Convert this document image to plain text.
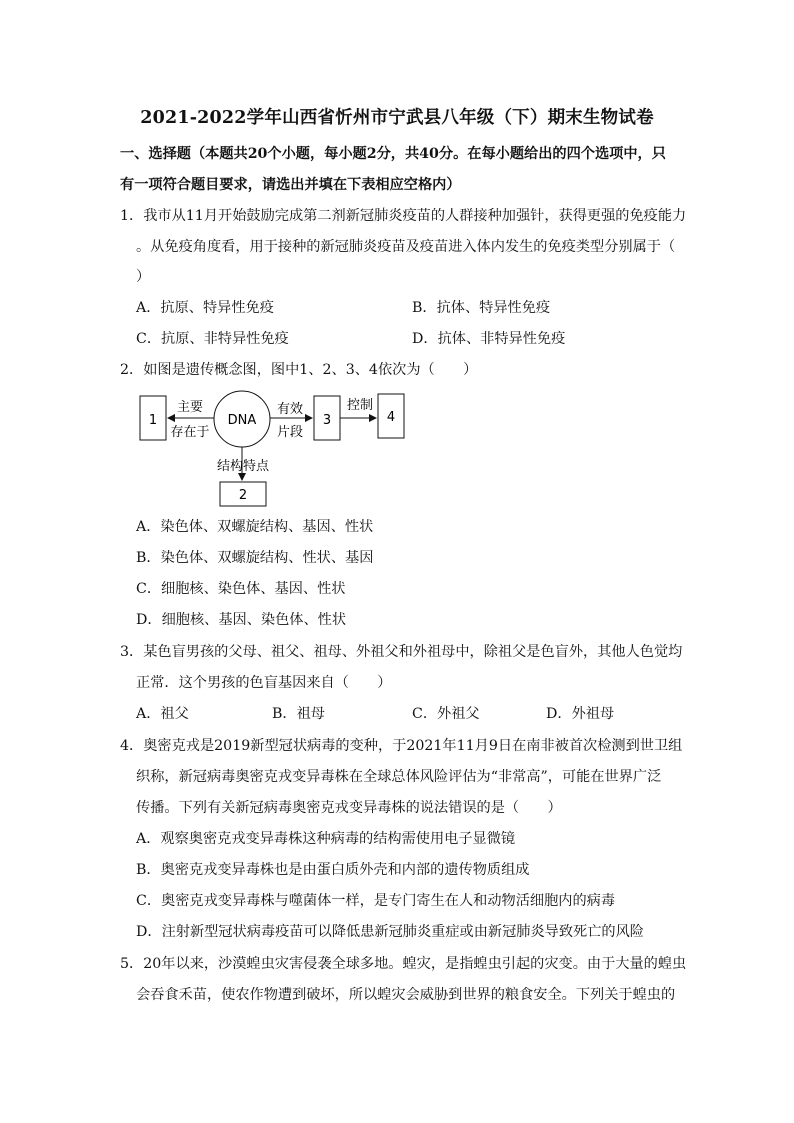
2021-2022学年山西省忻州市宁武县八年级（下）期末生物试卷
一、选择题（本题共20个小题，每小题2分，共40分。在每小题给出的四个选项中，只
有一项符合题目要求，请选出并填在下表相应空格内）
1．我市从11月开始鼓励完成第二剂新冠肺炎疫苗的人群接种加强针，获得更强的免疫能力
。从免疫角度看，用于接种的新冠肺炎疫苗及疫苗进入体内发生的免疫类型分别属于（
）
A．抗原、特异性免疫	B．抗体、特异性免疫
C．抗原、非特异性免疫	D．抗体、非特异性免疫
2．如图是遗传概念图，图中1、2、3、4依次为（　　）
1
主要
存在于
DNA
有效
片段
3
控制
4
结构特点
2
A．染色体、双螺旋结构、基因、性状
B．染色体、双螺旋结构、性状、基因
C．细胞核、染色体、基因、性状
D．细胞核、基因、染色体、性状
3．某色盲男孩的父母、祖父、祖母、外祖父和外祖母中，除祖父是色盲外，其他人色觉均
正常．这个男孩的色盲基因来自（　　）
A．祖父	B．祖母	C．外祖父	D．外祖母
4．奥密克戎是2019新型冠状病毒的变种，于2021年11月9日在南非被首次检测到世卫组
织称，新冠病毒奥密克戎变异毒株在全球总体风险评估为“非常高”，可能在世界广泛
传播。下列有关新冠病毒奥密克戎变异毒株的说法错误的是（　　）
A．观察奥密克戎变异毒株这种病毒的结构需使用电子显微镜
B．奥密克戎变异毒株也是由蛋白质外壳和内部的遗传物质组成
C．奥密克戎变异毒株与噬菌体一样，是专门寄生在人和动物活细胞内的病毒
D．注射新型冠状病毒疫苗可以降低患新冠肺炎重症或由新冠肺炎导致死亡的风险
5．20年以来，沙漠蝗虫灾害侵袭全球多地。蝗灾，是指蝗虫引起的灾变。由于大量的蝗虫
会吞食禾苗，使农作物遭到破坏，所以蝗灾会威胁到世界的粮食安全。下列关于蝗虫的
